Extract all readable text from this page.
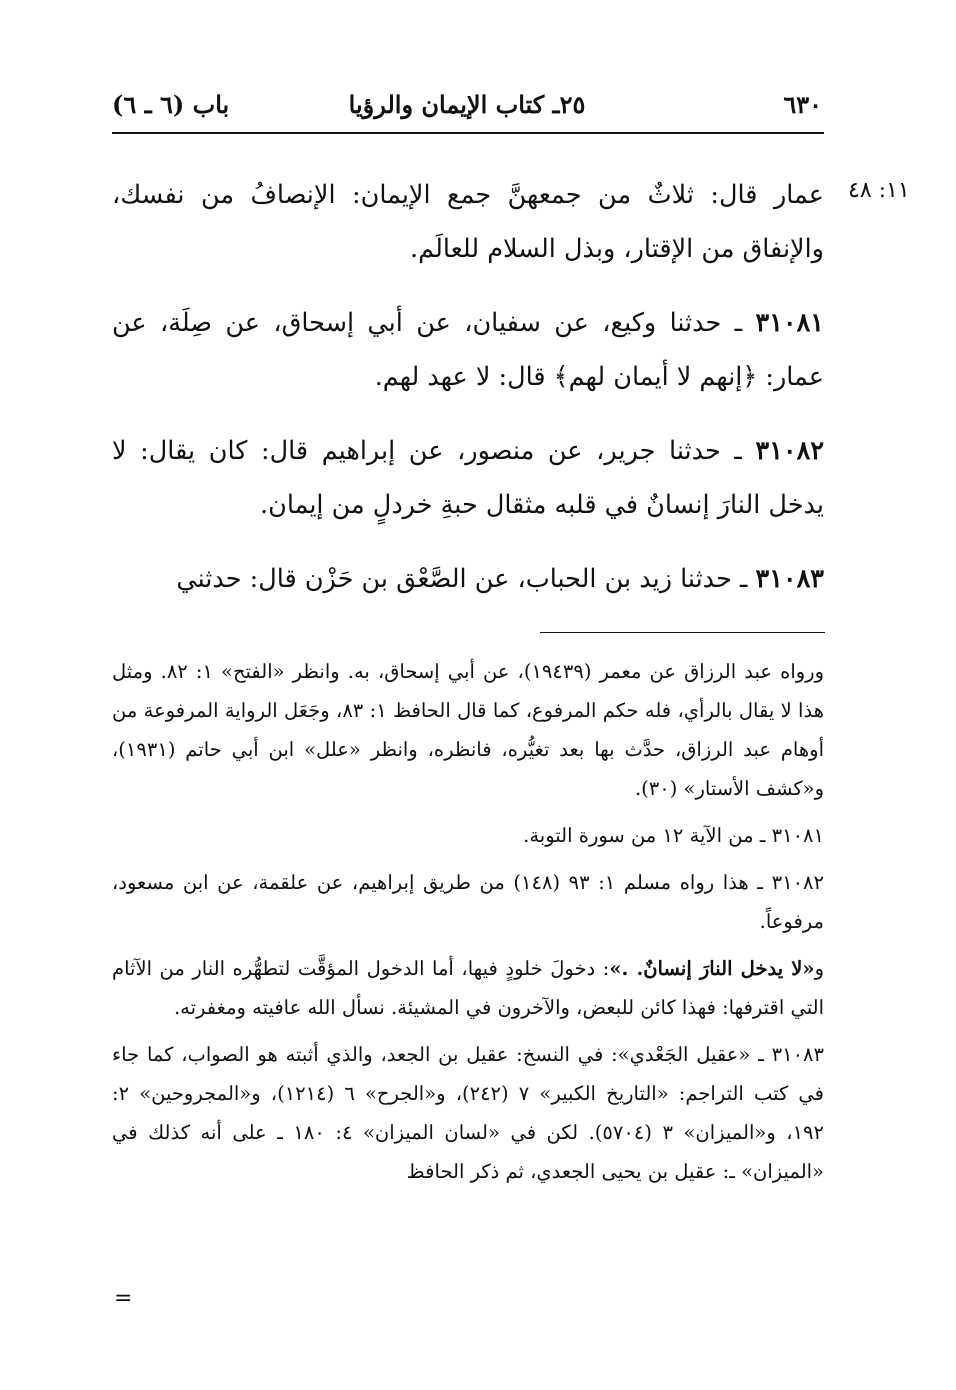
٦٣٠
٢٥ـ كتاب الإيمان والرؤيا
باب (٦ ـ ٦)
١١: ٤٨

عمار قال: ثلاثٌ من جمعهنَّ جمع الإيمان: الإنصافُ من نفسك، والإنفاق من الإقتار، وبذل السلام للعالَم.

٣١٠٨١ ـ حدثنا وكيع، عن سفيان، عن أبي إسحاق، عن صِلَة، عن عمار: ﴿إنهم لا أيمان لهم﴾ قال: لا عهد لهم.

٣١٠٨٢ ـ حدثنا جرير، عن منصور، عن إبراهيم قال: كان يقال: لا يدخل النارَ إنسانٌ في قلبه مثقال حبةِ خردلٍ من إيمان.

٣١٠٨٣ ـ حدثنا زيد بن الحباب، عن الصَّعْق بن حَزْن قال: حدثني

ورواه عبد الرزاق عن معمر (١٩٤٣٩)، عن أبي إسحاق، به. وانظر «الفتح» ١: ٨٢. ومثل هذا لا يقال بالرأي، فله حكم المرفوع، كما قال الحافظ ١: ٨٣، وجَعَل الرواية المرفوعة من أوهام عبد الرزاق، حدَّث بها بعد تغيُّره، فانظره، وانظر «علل» ابن أبي حاتم (١٩٣١)، و«كشف الأستار» (٣٠).

٣١٠٨١ ـ من الآية ١٢ من سورة التوبة.

٣١٠٨٢ ـ هذا رواه مسلم ١: ٩٣ (١٤٨) من طريق إبراهيم، عن علقمة، عن ابن مسعود، مرفوعاً.

و«لا يدخل النارَ إنسانٌ. .»: دخولَ خلودٍ فيها، أما الدخول المؤقَّت لتطهُّره النار من الآثام التي اقترفها: فهذا كائن للبعض، والآخرون في المشيئة. نسأل الله عافيته ومغفرته.

٣١٠٨٣ ـ «عقيل الجَعْدي»: في النسخ: عقيل بن الجعد، والذي أثبته هو الصواب، كما جاء في كتب التراجم: «التاريخ الكبير» ٧ (٢٤٢)، و«الجرح» ٦ (١٢١٤)، و«المجروحين» ٢: ١٩٢، و«الميزان» ٣ (٥٧٠٤). لكن في «لسان الميزان» ٤: ١٨٠ ـ على أنه كذلك في «الميزان» ـ: عقيل بن يحيى الجعدي، ثم ذكر الحافظ

=
